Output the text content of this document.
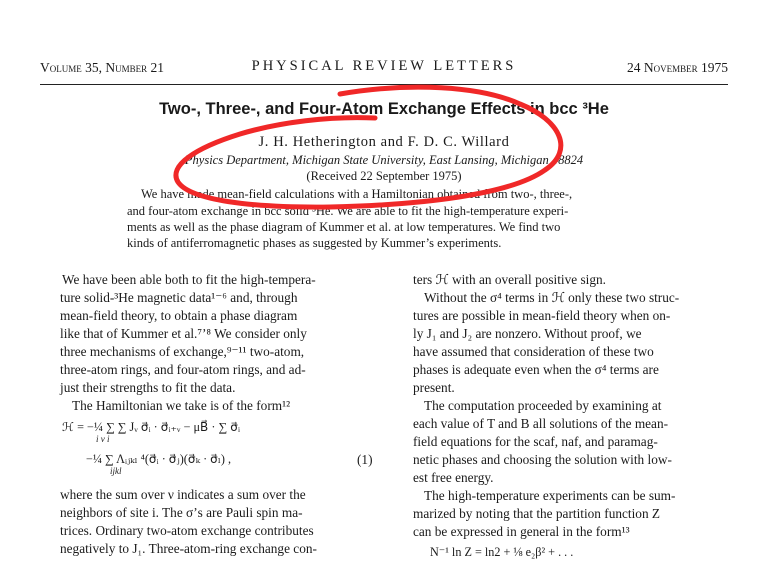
Volume 35, Number 21	PHYSICAL REVIEW LETTERS	24 November 1975
Two-, Three-, and Four-Atom Exchange Effects in bcc ³He
J. H. Hetherington and F. D. C. Willard
Physics Department, Michigan State University, East Lansing, Michigan 48824
(Received 22 September 1975)
We have made mean-field calculations with a Hamiltonian obtained from two-, three-,
and four-atom exchange in bcc solid ³He. We are able to fit the high-temperature experi-
ments as well as the phase diagram of Kummer et al. at low temperatures. We find two
kinds of antiferromagnetic phases as suggested by Kummer’s experiments.
We have been able both to fit the high-tempera-
ture solid-³He magnetic data¹⁻⁶ and, through
mean-field theory, to obtain a phase diagram
like that of Kummer et al.⁷ʼ⁸ We consider only
three mechanisms of exchange,⁹⁻¹¹ two-atom,
three-atom rings, and four-atom rings, and ad-
just their strengths to fit the data.
The Hamiltonian we take is of the form¹²
ℋ = −¼ ∑ ∑ Jᵥ σ⃗ᵢ · σ⃗ᵢ₊ᵥ − μB⃗ · ∑ σ⃗ᵢ
i ν i
−¼ ∑ Λᵢⱼₖₗ ⁴(σ⃗ᵢ · σ⃗ⱼ)(σ⃗ₖ · σ⃗ₗ) ,
ijkl
(1)
where the sum over ν indicates a sum over the
neighbors of site i. The σ’s are Pauli spin ma-
trices. Ordinary two-atom exchange contributes
negatively to J₁. Three-atom-ring exchange con-
ters ℋ with an overall positive sign.
Without the σ⁴ terms in ℋ only these two struc-
tures are possible in mean-field theory when on-
ly J₁ and J₂ are nonzero. Without proof, we
have assumed that consideration of these two
phases is adequate even when the σ⁴ terms are
present.
The computation proceeded by examining at
each value of T and B all solutions of the mean-
field equations for the scaf, naf, and paramag-
netic phases and choosing the solution with low-
est free energy.
The high-temperature experiments can be sum-
marized by noting that the partition function Z
can be expressed in general in the form¹³
N⁻¹ ln Z = ln2 + ⅛ e₂β² + . . .
